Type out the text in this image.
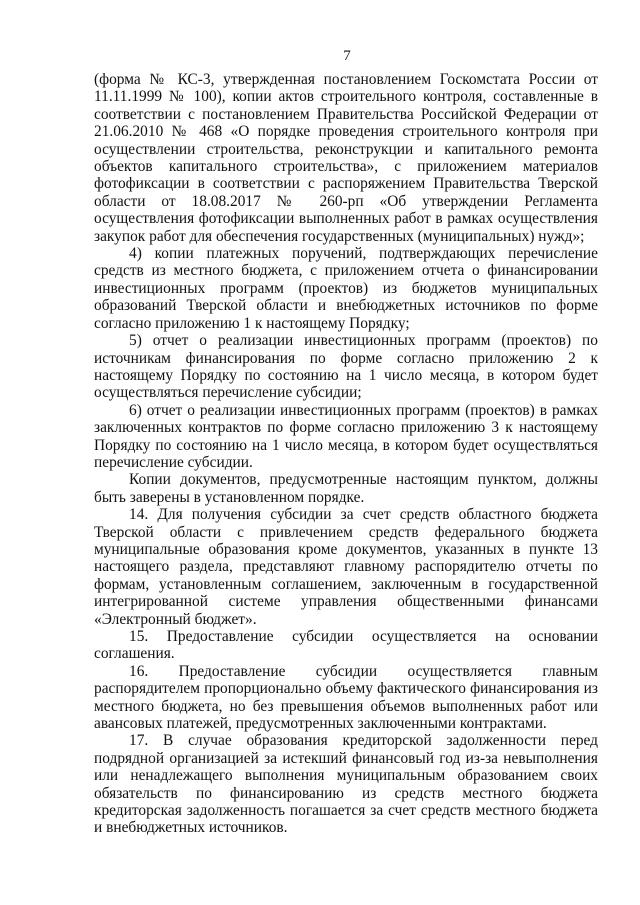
7

(форма № КС-3, утвержденная постановлением Госкомстата России от 11.11.1999 № 100), копии актов строительного контроля, составленные в соответствии с постановлением Правительства Российской Федерации от 21.06.2010 № 468 «О порядке проведения строительного контроля при осуществлении строительства, реконструкции и капитального ремонта объектов капитального строительства», с приложением материалов фотофиксации в соответствии с распоряжением Правительства Тверской области от 18.08.2017 № 260-рп «Об утверждении Регламента осуществления фотофиксации выполненных работ в рамках осуществления закупок работ для обеспечения государственных (муниципальных) нужд»;

4) копии платежных поручений, подтверждающих перечисление средств из местного бюджета, с приложением отчета о финансировании инвестиционных программ (проектов) из бюджетов муниципальных образований Тверской области и внебюджетных источников по форме согласно приложению 1 к настоящему Порядку;

5) отчет о реализации инвестиционных программ (проектов) по источникам финансирования по форме согласно приложению 2 к настоящему Порядку по состоянию на 1 число месяца, в котором будет осуществляться перечисление субсидии;

6) отчет о реализации инвестиционных программ (проектов) в рамках заключенных контрактов по форме согласно приложению 3 к настоящему Порядку по состоянию на 1 число месяца, в котором будет осуществляться перечисление субсидии.

Копии документов, предусмотренные настоящим пунктом, должны быть заверены в установленном порядке.

14. Для получения субсидии за счет средств областного бюджета Тверской области с привлечением средств федерального бюджета муниципальные образования кроме документов, указанных в пункте 13 настоящего раздела, представляют главному распорядителю отчеты по формам, установленным соглашением, заключенным в государственной интегрированной системе управления общественными финансами «Электронный бюджет».

15. Предоставление субсидии осуществляется на основании соглашения.

16. Предоставление субсидии осуществляется главным распорядителем пропорционально объему фактического финансирования из местного бюджета, но без превышения объемов выполненных работ или авансовых платежей, предусмотренных заключенными контрактами.

17. В случае образования кредиторской задолженности перед подрядной организацией за истекший финансовый год из-за невыполнения или ненадлежащего выполнения муниципальным образованием своих обязательств по финансированию из средств местного бюджета кредиторская задолженность погашается за счет средств местного бюджета и внебюджетных источников.
